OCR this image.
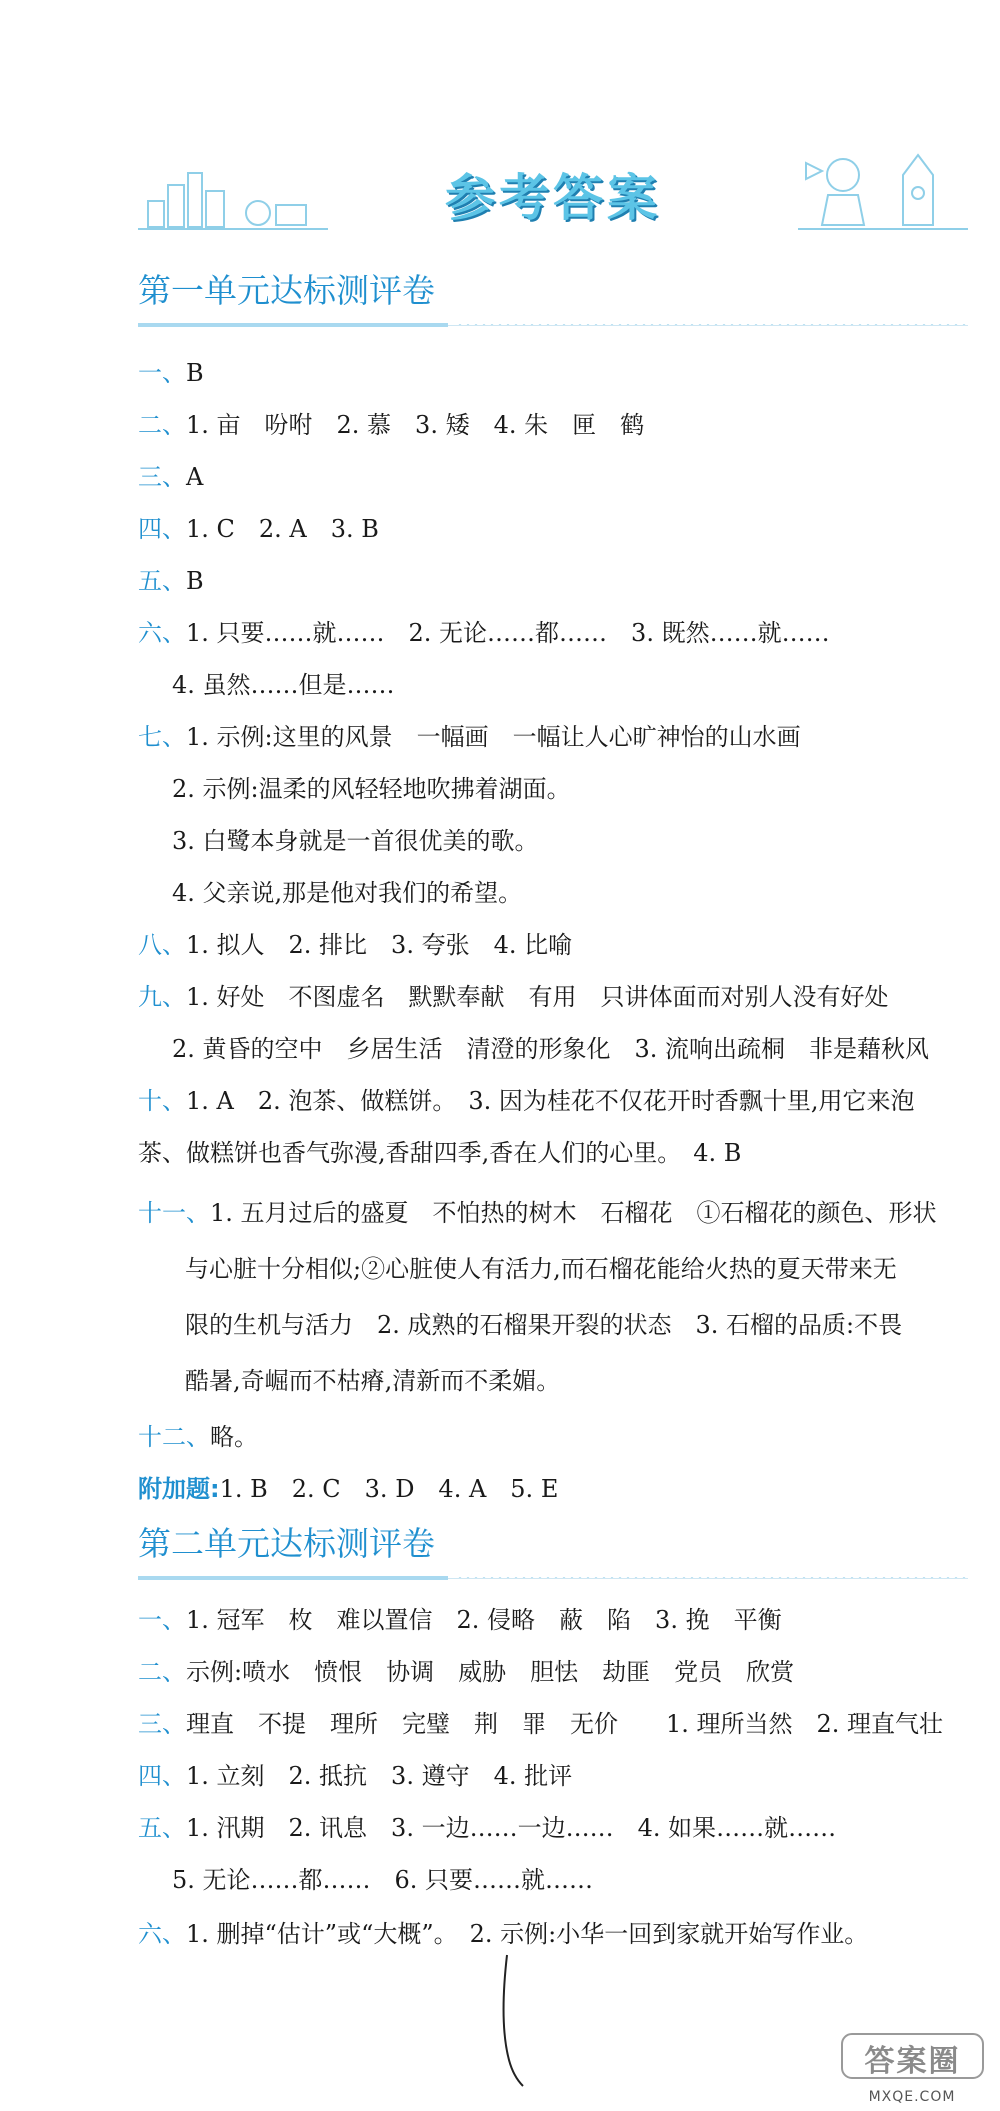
参考答案
第一单元达标测评卷
一、B
二、1. 亩　吩咐　2. 慕　3. 矮　4. 朱　匣　鹤
三、A
四、1. C　2. A　3. B
五、B
六、1. 只要……就……　2. 无论……都……　3. 既然……就……
4. 虽然……但是……
七、1. 示例:这里的风景　一幅画　一幅让人心旷神怡的山水画
2. 示例:温柔的风轻轻地吹拂着湖面。
3. 白鹭本身就是一首很优美的歌。
4. 父亲说,那是他对我们的希望。
八、1. 拟人　2. 排比　3. 夸张　4. 比喻
九、1. 好处　不图虚名　默默奉献　有用　只讲体面而对别人没有好处
2. 黄昏的空中　乡居生活　清澄的形象化　3. 流响出疏桐　非是藉秋风
十、1. A　2. 泡茶、做糕饼。　3. 因为桂花不仅花开时香飘十里,用它来泡
茶、做糕饼也香气弥漫,香甜四季,香在人们的心里。　4. B
十一、1. 五月过后的盛夏　不怕热的树木　石榴花　①石榴花的颜色、形状
与心脏十分相似;②心脏使人有活力,而石榴花能给火热的夏天带来无
限的生机与活力　2. 成熟的石榴果开裂的状态　3. 石榴的品质:不畏
酷暑,奇崛而不枯瘠,清新而不柔媚。
十二、略。
附加题:1. B　2. C　3. D　4. A　5. E
第二单元达标测评卷
一、1. 冠军　枚　难以置信　2. 侵略　蔽　陷　3. 挽　平衡
二、示例:喷水　愤恨　协调　威胁　胆怯　劫匪　党员　欣赏
三、理直　不提　理所　完璧　荆　罪　无价　　1. 理所当然　2. 理直气壮
四、1. 立刻　2. 抵抗　3. 遵守　4. 批评
五、1. 汛期　2. 讯息　3. 一边……一边……　4. 如果……就……
5. 无论……都……　6. 只要……就……
六、1. 删掉“估计”或“大概”。　2. 示例:小华一回到家就开始写作业。
答案圈
MXQE.COM
